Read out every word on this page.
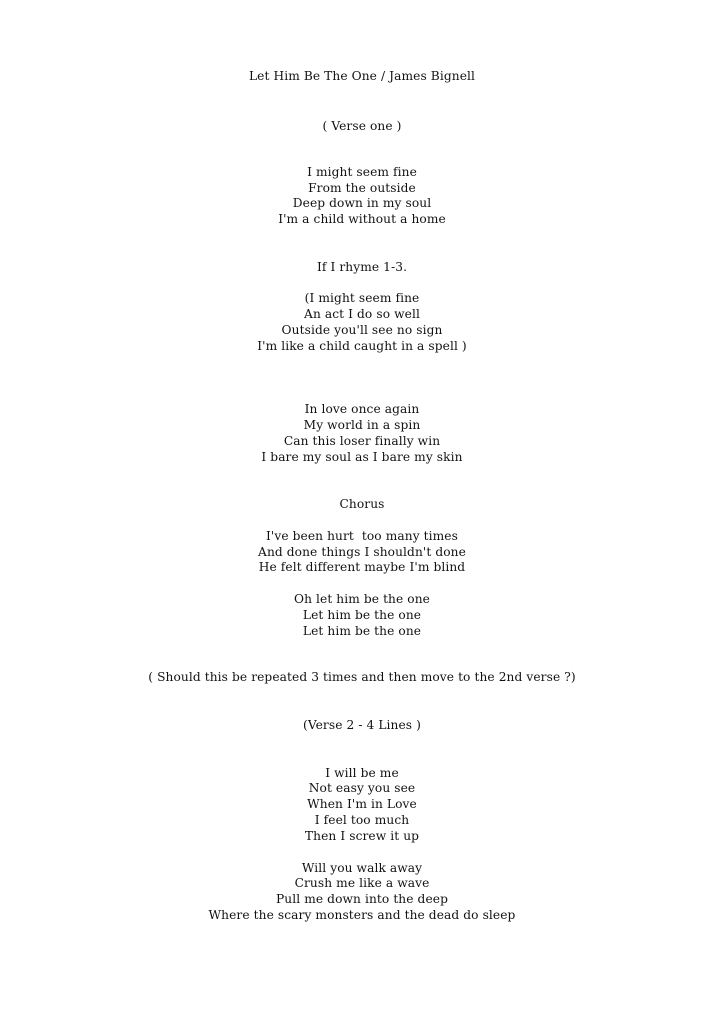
Let Him Be The One / James Bignell
( Verse one )
I might seem fine
From the outside
Deep down in my soul
I'm a child without a home
If I rhyme 1-3.
(I might seem fine
An act I do so well
Outside you'll see no sign
I'm like a child caught in a spell )
In love once again
My world in a spin
Can this loser finally win
I bare my soul as I bare my skin
Chorus
I've been hurt  too many times
And done things I shouldn't done
He felt different maybe I'm blind
Oh let him be the one
Let him be the one
Let him be the one
( Should this be repeated 3 times and then move to the 2nd verse ?)
(Verse 2 - 4 Lines )
I will be me
Not easy you see
When I'm in Love
I feel too much
Then I screw it up
Will you walk away
Crush me like a wave
Pull me down into the deep
Where the scary monsters and the dead do sleep
